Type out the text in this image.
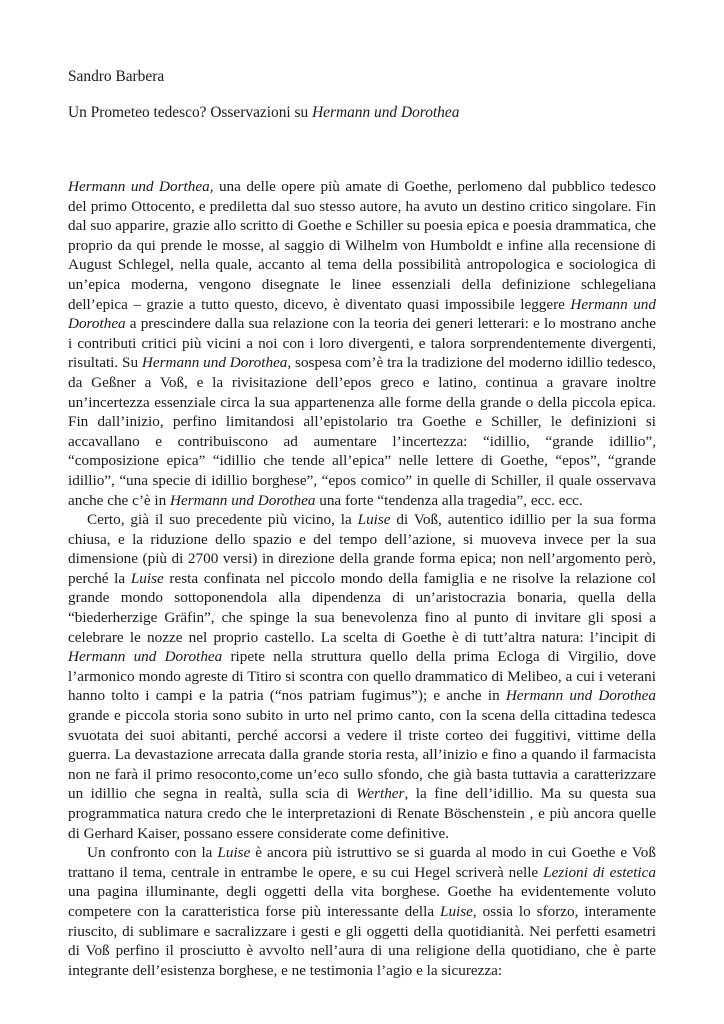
Sandro Barbera

Un Prometeo tedesco? Osservazioni su Hermann und Dorothea

Hermann und Dorthea, una delle opere più amate di Goethe, perlomeno dal pubblico tedesco del primo Ottocento, e prediletta dal suo stesso autore, ha avuto un destino critico singolare. Fin dal suo apparire, grazie allo scritto di Goethe e Schiller su poesia epica e poesia drammatica, che proprio da qui prende le mosse, al saggio di Wilhelm von Humboldt e infine alla recensione di August Schlegel, nella quale, accanto al tema della possibilità antropologica e sociologica di un’epica moderna, vengono disegnate le linee essenziali della definizione schlegeliana dell’epica – grazie a tutto questo, dicevo, è diventato quasi impossibile leggere Hermann und Dorothea a prescindere dalla sua relazione con la teoria dei generi letterari: e lo mostrano anche i contributi critici più vicini a noi con i loro divergenti, e talora sorprendentemente divergenti, risultati. Su Hermann und Dorothea, sospesa com’è tra la tradizione del moderno idillio tedesco, da Geßner a Voß, e la rivisitazione dell’epos greco e latino, continua a gravare inoltre un’incertezza essenziale circa la sua appartenenza alle forme della grande o della piccola epica. Fin dall’inizio, perfino limitandosi all’epistolario tra Goethe e Schiller, le definizioni si accavallano e contribuiscono ad aumentare l’incertezza: “idillio, “grande idillio”, “composizione epica” “idillio che tende all’epica” nelle lettere di Goethe, “epos”, “grande idillio”, “una specie di idillio borghese”, “epos comico” in quelle di Schiller, il quale osservava anche che c’è in Hermann und Dorothea una forte “tendenza alla tragedia”, ecc. ecc.

Certo, già il suo precedente più vicino, la Luise di Voß, autentico idillio per la sua forma chiusa, e la riduzione dello spazio e del tempo dell’azione, si muoveva invece per la sua dimensione (più di 2700 versi) in direzione della grande forma epica; non nell’argomento però, perché la Luise resta confinata nel piccolo mondo della famiglia e ne risolve la relazione col grande mondo sottoponendola alla dipendenza di un’aristocrazia bonaria, quella della “biederherzige Gräfin”, che spinge la sua benevolenza fino al punto di invitare gli sposi a celebrare le nozze nel proprio castello. La scelta di Goethe è di tutt’altra natura: l’incipit di Hermann und Dorothea ripete nella struttura quello della prima Ecloga di Virgilio, dove l’armonico mondo agreste di Titiro si scontra con quello drammatico di Melibeo, a cui i veterani hanno tolto i campi e la patria (“nos patriam fugimus”); e anche in Hermann und Dorothea grande e piccola storia sono subito in urto nel primo canto, con la scena della cittadina tedesca svuotata dei suoi abitanti, perché accorsi a vedere il triste corteo dei fuggitivi, vittime della guerra. La devastazione arrecata dalla grande storia resta, all’inizio e fino a quando il farmacista non ne farà il primo resoconto,come un’eco sullo sfondo, che già basta tuttavia a caratterizzare un idillio che segna in realtà, sulla scia di Werther, la fine dell’idillio. Ma su questa sua programmatica natura credo che le interpretazioni di Renate Böschenstein , e più ancora quelle di Gerhard Kaiser, possano essere considerate come definitive.

Un confronto con la Luise è ancora più istruttivo se si guarda al modo in cui Goethe e Voß trattano il tema, centrale in entrambe le opere, e su cui Hegel scriverà nelle Lezioni di estetica una pagina illuminante, degli oggetti della vita borghese. Goethe ha evidentemente voluto competere con la caratteristica forse più interessante della Luise, ossia lo sforzo, interamente riuscito, di sublimare e sacralizzare i gesti e gli oggetti della quotidianità. Nei perfetti esametri di Voß perfino il prosciutto è avvolto nell’aura di una religione della quotidiano, che è parte integrante dell’esistenza borghese, e ne testimonia l’agio e la sicurezza:
